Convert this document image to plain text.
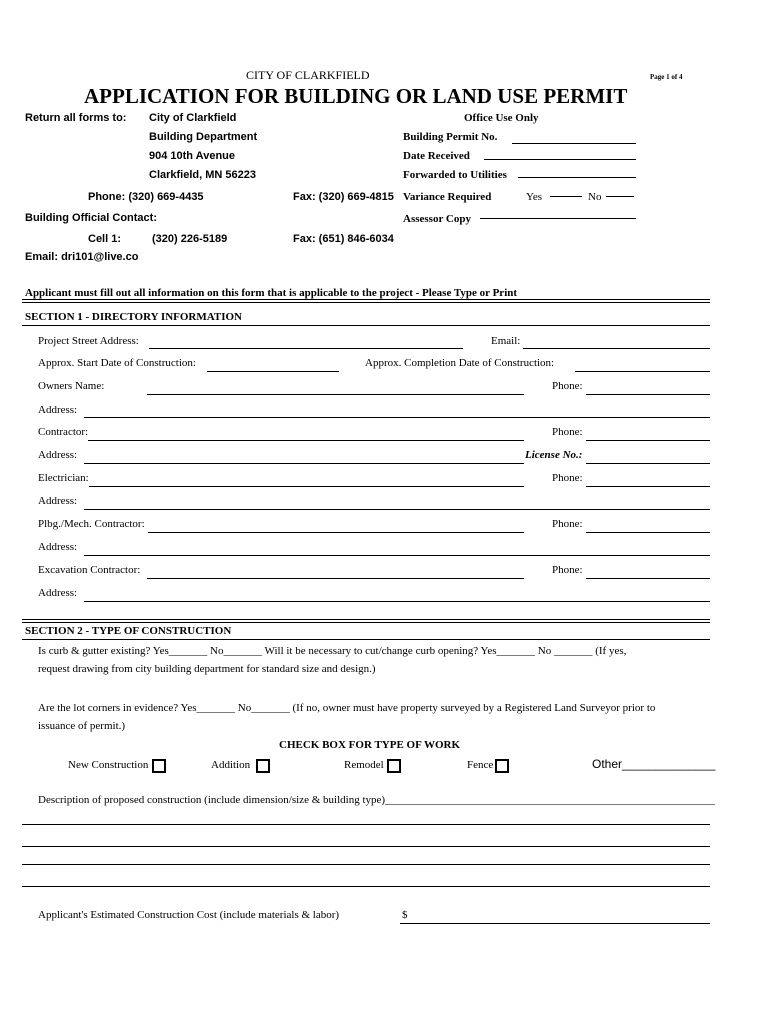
CITY OF CLARKFIELD	Page 1 of 4
APPLICATION FOR BUILDING OR LAND USE PERMIT
Return all forms to: City of Clarkfield
Building Department
904 10th Avenue
Clarkfield, MN 56223
Phone: (320) 669-4435	Fax: (320) 669-4815
Building Official Contact:
Cell 1:	(320) 226-5189	Fax: (651) 846-6034
Email: dri101@live.co
Office Use Only
Building Permit No.
Date Received
Forwarded to Utilities
Variance Required	Yes	No
Assessor Copy
Applicant must fill out all information on this form that is applicable to the project - Please Type or Print
SECTION 1 - DIRECTORY INFORMATION
Project Street Address:	Email:
Approx. Start Date of Construction:	Approx. Completion Date of Construction:
Owners Name:	Phone:
Address:
Contractor:	Phone:
Address:	License No.:
Electrician:	Phone:
Address:
Plbg./Mech. Contractor:	Phone:
Address:
Excavation Contractor:	Phone:
Address:
SECTION 2 - TYPE OF CONSTRUCTION
Is curb & gutter existing? Yes_______ No_______ Will it be necessary to cut/change curb opening? Yes_______ No _______ (If yes,
request drawing from city building department for standard size and design.)
Are the lot corners in evidence? Yes_______ No_______ (If no, owner must have property surveyed by a Registered Land Surveyor prior to
issuance of permit.)
CHECK BOX FOR TYPE OF WORK
New Construction	Addition	Remodel	Fence	Other______________
Description of proposed construction (include dimension/size & building type)____________________________________________________________
Applicant's Estimated Construction Cost (include materials & labor)	$
